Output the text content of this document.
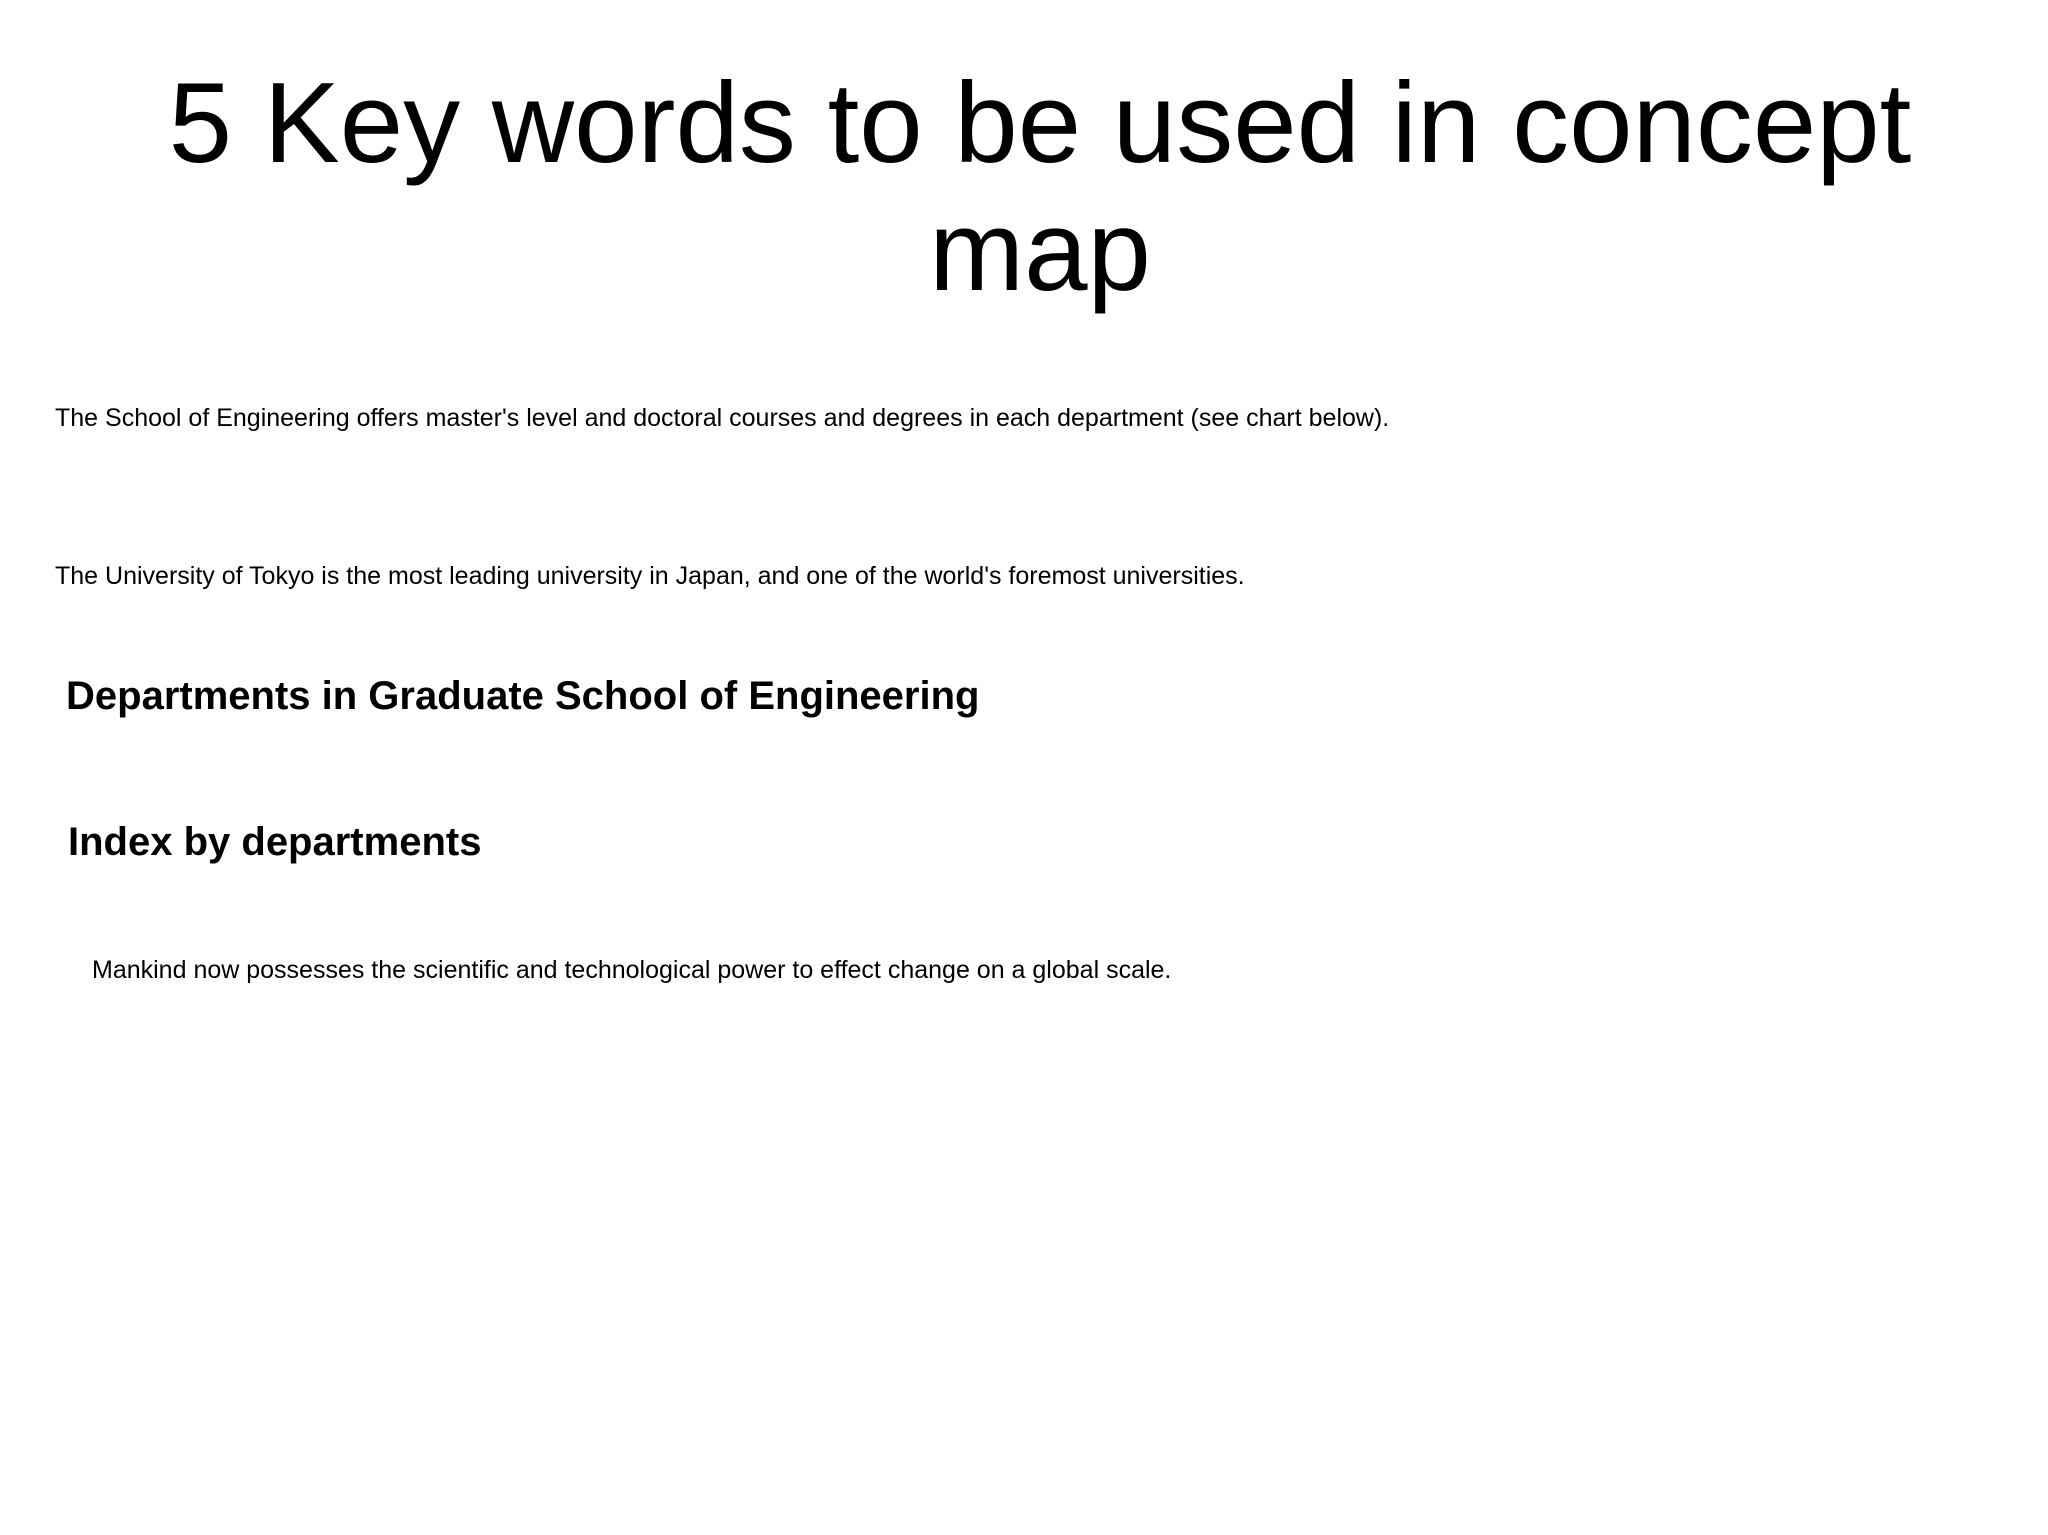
5 Key words to be used in concept map

The School of Engineering offers master's level and doctoral courses and degrees in each department (see chart below).

The University of Tokyo is the most leading university in Japan, and one of the world's foremost universities.

Departments in Graduate School of Engineering
Index by departments

Mankind now possesses the scientific and technological power to effect change on a global scale.
